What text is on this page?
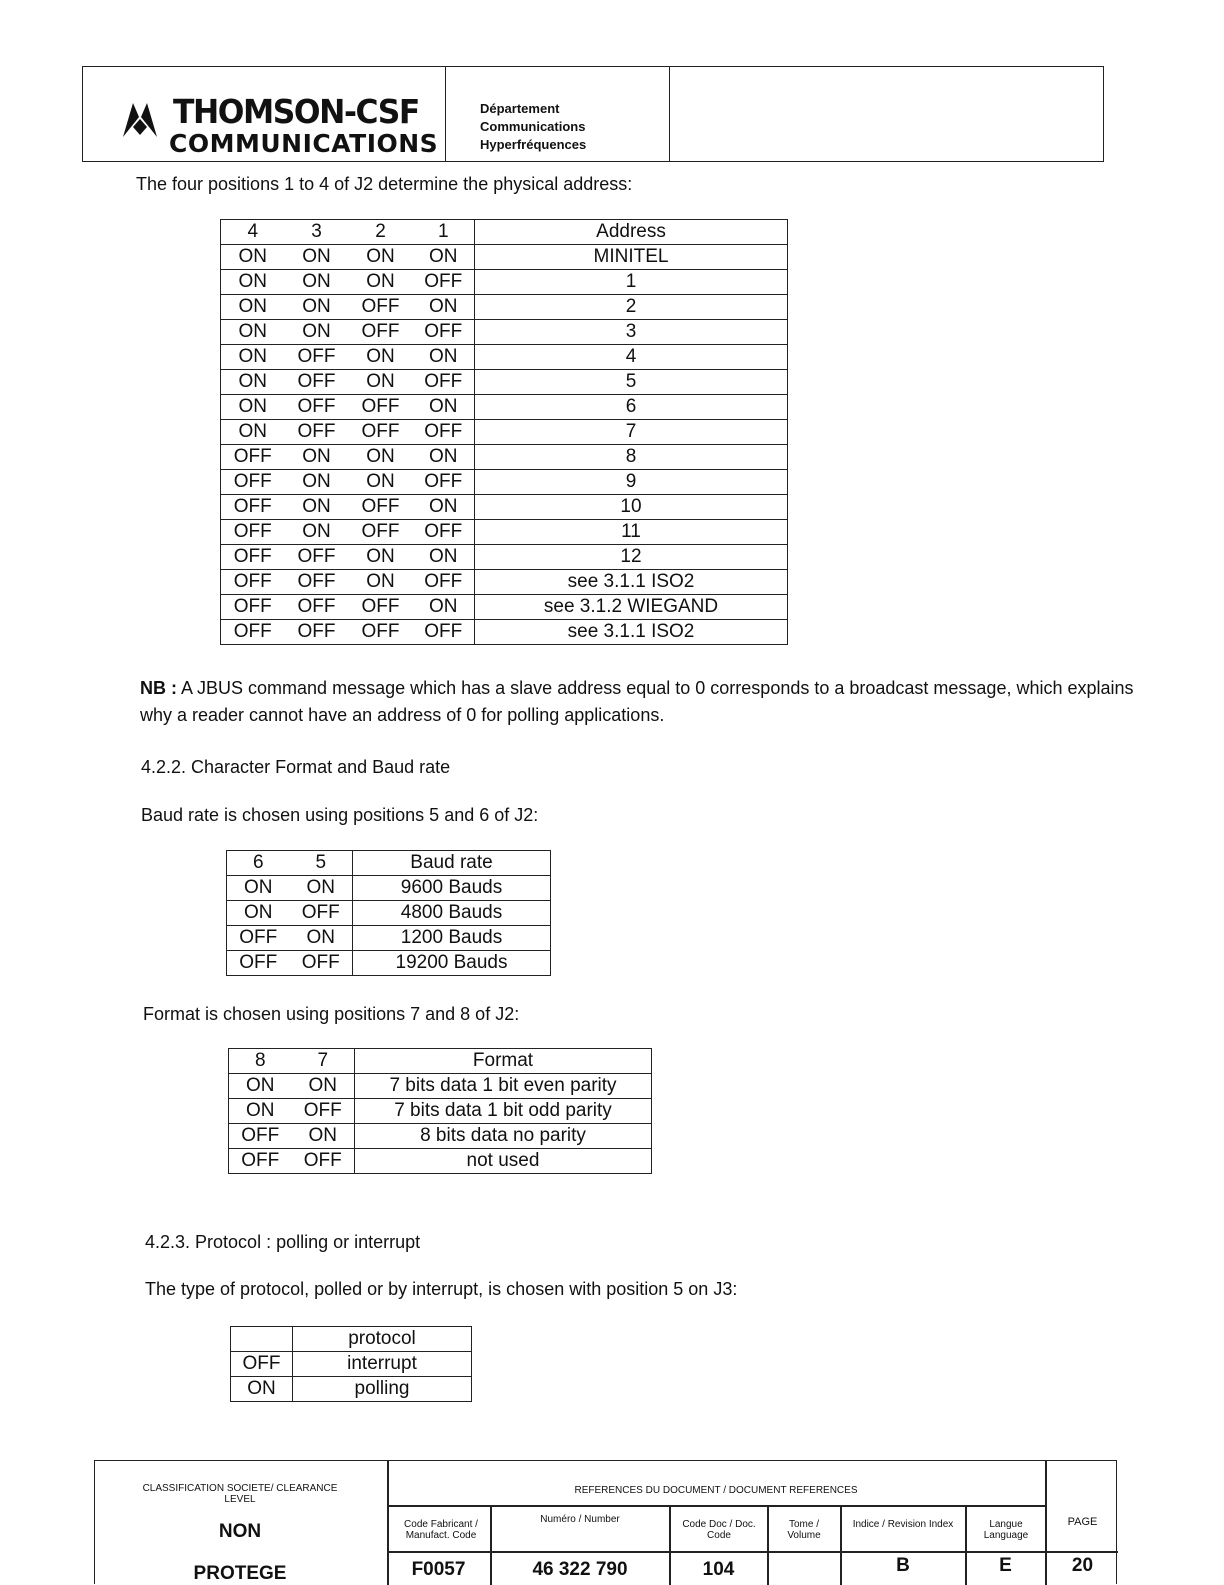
THOMSON-CSF
COMMUNICATIONS
Département
Communications
Hyperfréquences
The four positions 1 to 4 of J2 determine the physical address:
4	3	2	1	Address
ON	ON	ON	ON	MINITEL
ON	ON	ON	OFF	1
ON	ON	OFF	ON	2
ON	ON	OFF	OFF	3
ON	OFF	ON	ON	4
ON	OFF	ON	OFF	5
ON	OFF	OFF	ON	6
ON	OFF	OFF	OFF	7
OFF	ON	ON	ON	8
OFF	ON	ON	OFF	9
OFF	ON	OFF	ON	10
OFF	ON	OFF	OFF	11
OFF	OFF	ON	ON	12
OFF	OFF	ON	OFF	see 3.1.1 ISO2
OFF	OFF	OFF	ON	see 3.1.2 WIEGAND
OFF	OFF	OFF	OFF	see 3.1.1 ISO2
NB : A JBUS command message which has a slave address equal to 0 corresponds to a broadcast message, which explains why a reader cannot have an address of 0 for polling applications.
4.2.2. Character Format and Baud rate
Baud rate is chosen using positions 5 and 6 of J2:
6	5	Baud rate
ON	ON	9600 Bauds
ON	OFF	4800 Bauds
OFF	ON	1200 Bauds
OFF	OFF	19200 Bauds
Format is chosen using positions 7 and 8 of J2:
8	7	Format
ON	ON	7 bits data 1 bit even parity
ON	OFF	7 bits data 1 bit odd parity
OFF	ON	8 bits data no parity
OFF	OFF	not used
4.2.3. Protocol : polling or interrupt
The type of protocol, polled or by interrupt, is chosen with position 5 on J3:
	protocol
OFF	interrupt
ON	polling
CLASSIFICATION SOCIETE/ CLEARANCE LEVEL
NON
PROTEGE
REFERENCES DU DOCUMENT / DOCUMENT REFERENCES
Code Fabricant / Manufact. Code
F0057
Numéro / Number
46 322 790
Code Doc / Doc. Code
104
Tome / Volume
Indice / Revision Index
B
Langue Language
E
PAGE
20
